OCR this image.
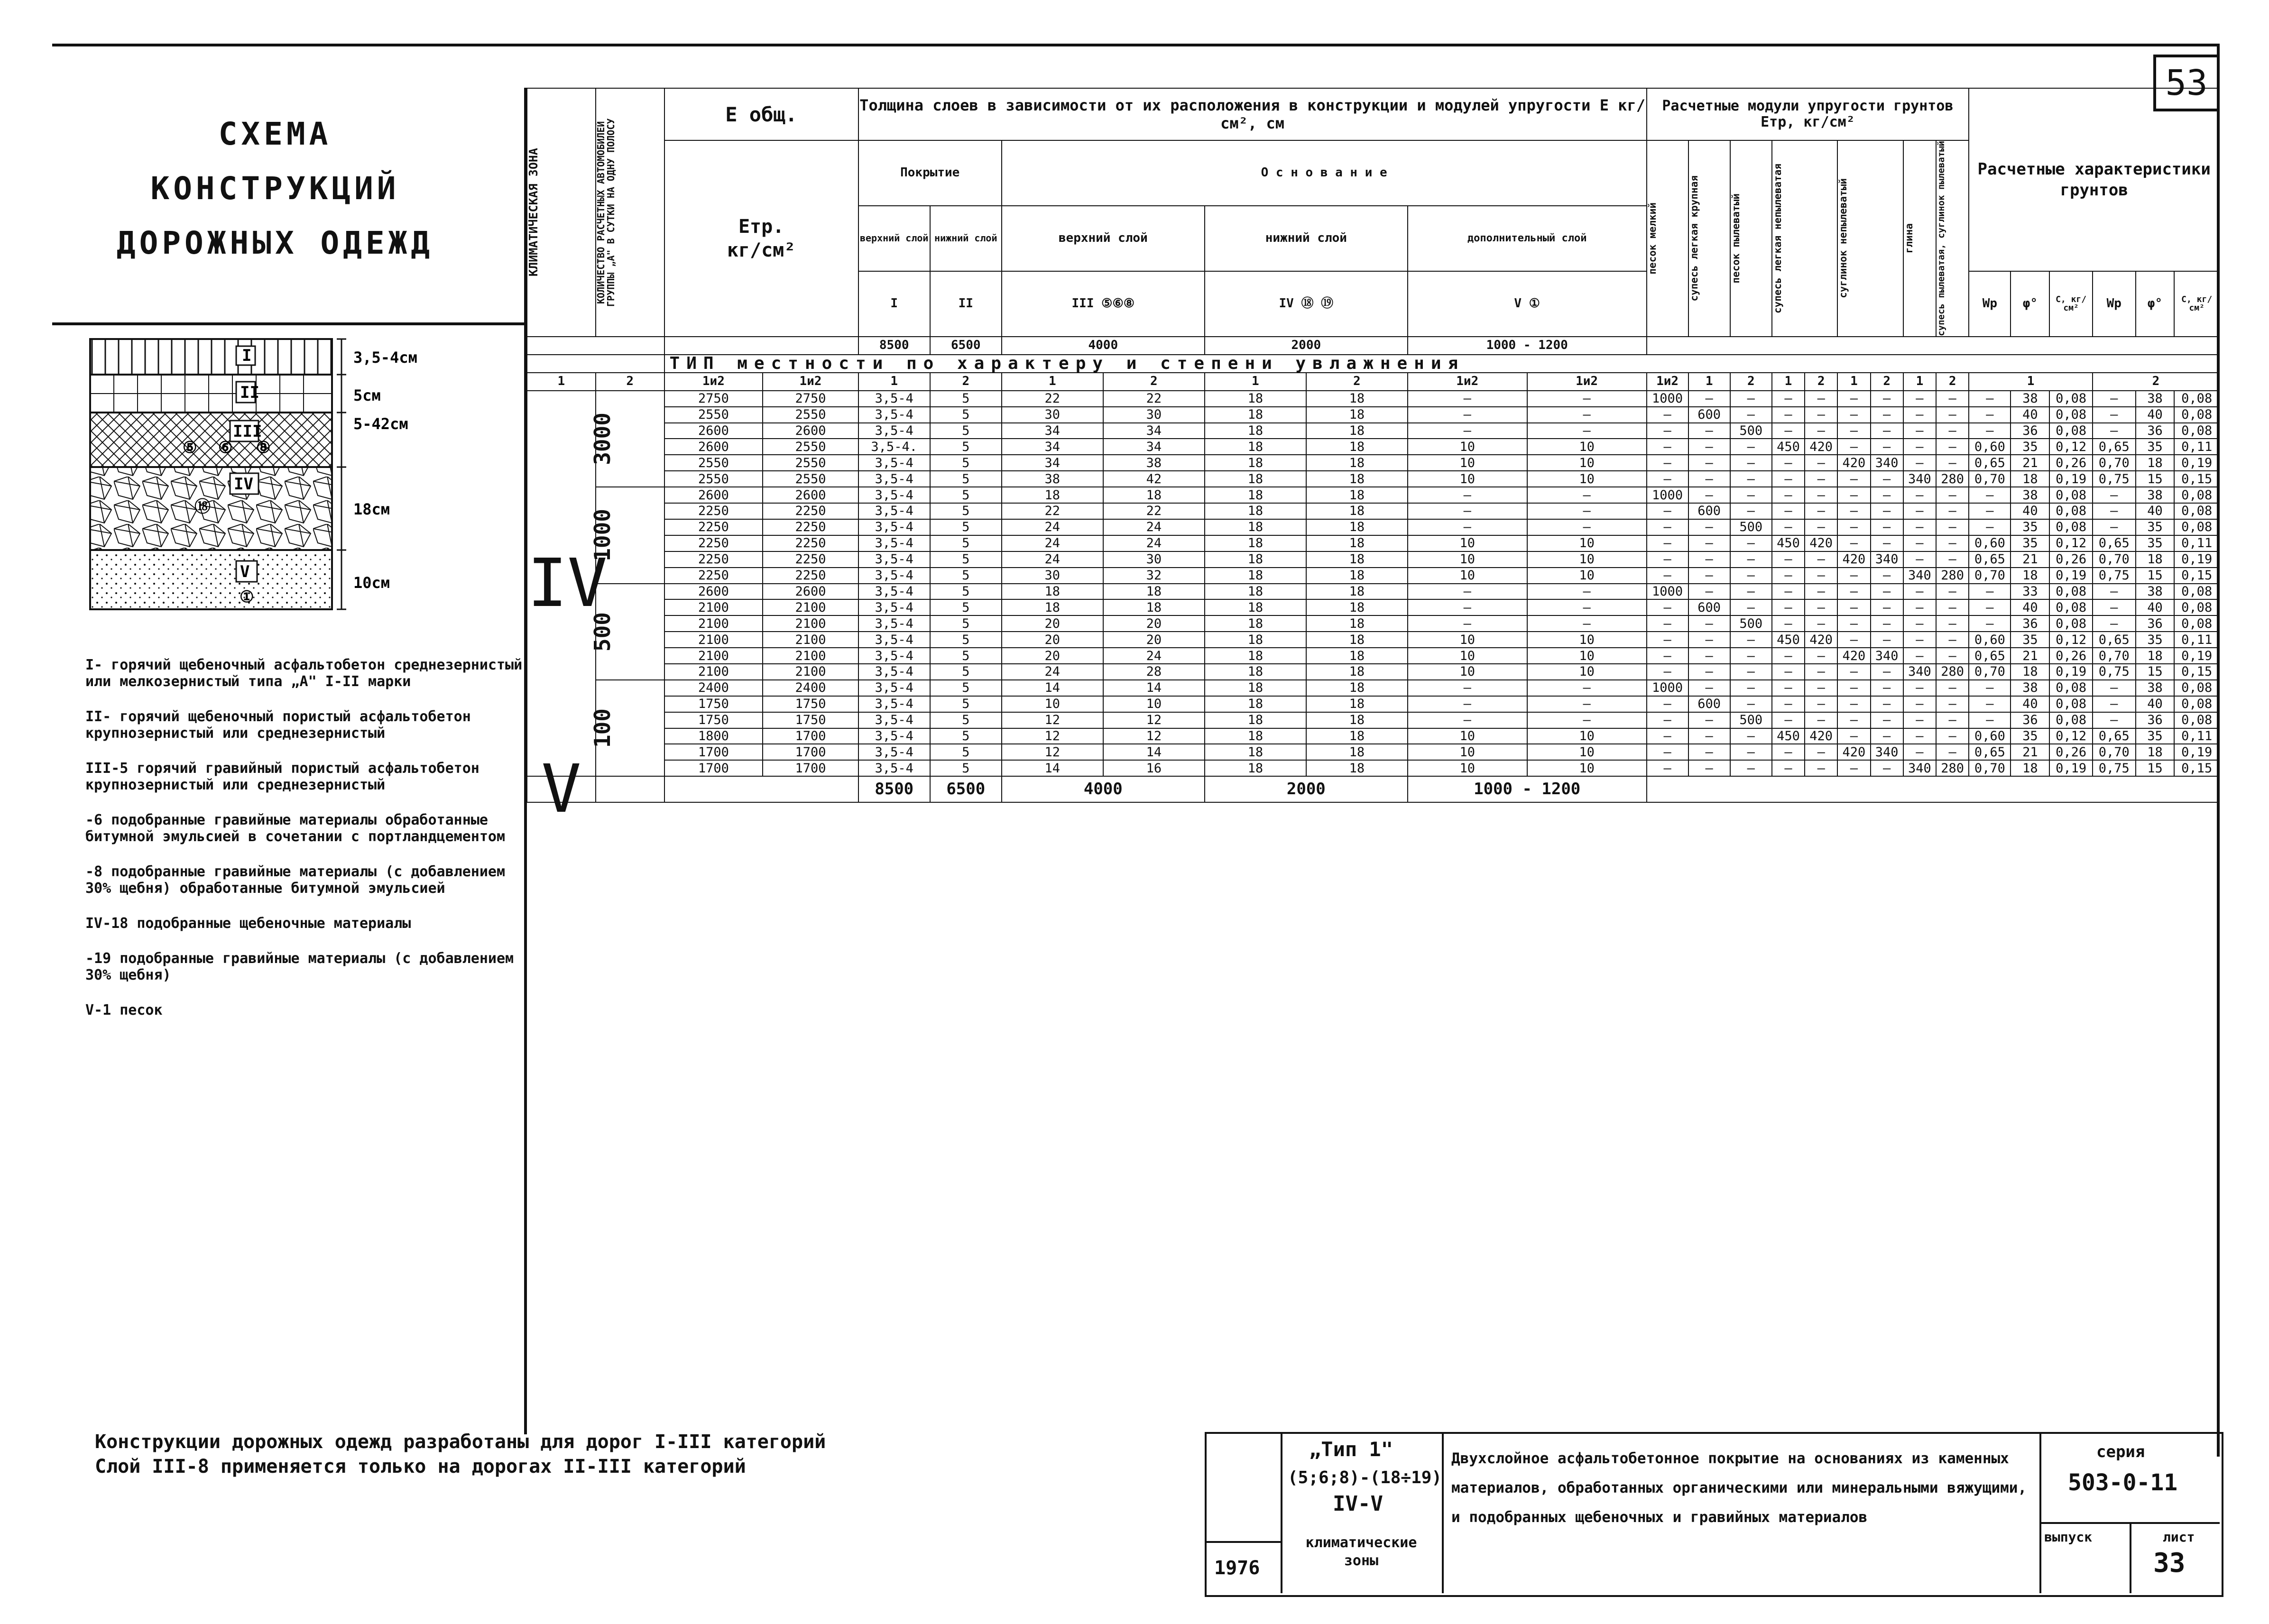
53
СХЕМА
КОНСТРУКЦИЙ
ДОРОЖНЫХ ОДЕЖД
I
II
III
IV
V
⑤ ⑥ ⑧
⑱
①
3,5-4см
5см
5-42см
18см
10см

I- горячий щебеночный асфальтобетон среднезернистый или мелкозернистый типа „А" I-II марки

II- горячий щебеночный пористый асфальтобетон крупнозернистый или среднезернистый

III-5 горячий гравийный пористый асфальтобетон крупнозернистый или среднезернистый

-6 подобранные гравийные материалы обработанные битумной эмульсией в сочетании с портландцементом

-8 подобранные гравийные материалы (с добавлением 30% щебня) обработанные битумной эмульсией

IV-18 подобранные щебеночные материалы

-19 подобранные гравийные материалы (с добавлением 30% щебня)

V-1 песок

КЛИМАТИЧЕСКАЯ ЗОНА	КОЛИЧЕСТВО РАСЧЕТНЫХ АВТОМОБИЛЕЙ ГРУППЫ „А" В СУТКИ НА ОДНУ ПОЛОСУ	Е общ.		Толщина слоев в зависимости от их расположения в конструкции и модулей упругости Е кг/см², см								Расчетные модули упругости грунтов Етр, кг/см²									Расчетные характеристики грунтов					
		Етр.
кг/см²		Покрытие		О с н о в а н и е						песок мелкий	супесь легкая крупная	песок пылеватый	супесь легкая непылеватая		суглинок непылеватый		глина	супесь пылеватая, суглинок пылеватый						

				верхний слой	нижний слой	верхний слой		нижний слой		дополнительный слой																
				I	II	III ⑤⑥⑧		IV ⑱ ⑲		V ①											Wр	φ°	С, кг/см²	Wр	φ°	С, кг/см²
				8500	6500	4000		2000		1000 - 1200																
		ТИП местности по характеру и степени увлажнения																								
1	2	1и2	1и2	1	2	1	2	1	2	1и2	1и2	1и2	1	2	1	2	1	2	1	2	1			2		
IV	3000	2750	2750	3,5-4	5	22	22	18	18	—	—	1000	—	—	—	—	—	—	—	—	—	38	0,08	—	38	0,08
		2550	2550	3,5-4	5	30	30	18	18	—	—	—	600	—	—	—	—	—	—	—	—	40	0,08	—	40	0,08
		2600	2600	3,5-4	5	34	34	18	18	—	—	—	—	500	—	—	—	—	—	—	—	36	0,08	—	36	0,08
		2600	2550	3,5-4.	5	34	34	18	18	10	10	—	—	—	450	420	—	—	—	—	0,60	35	0,12	0,65	35	0,11
		2550	2550	3,5-4	5	34	38	18	18	10	10	—	—	—	—	—	420	340	—	—	0,65	21	0,26	0,70	18	0,19
		2550	2550	3,5-4	5	38	42	18	18	10	10	—	—	—	—	—	—	—	340	280	0,70	18	0,19	0,75	15	0,15

	1000	2600	2600	3,5-4	5	18	18	18	18	—	—	1000	—	—	—	—	—	—	—	—	—	38	0,08	—	38	0,08
		2250	2250	3,5-4	5	22	22	18	18	—	—	—	600	—	—	—	—	—	—	—	—	40	0,08	—	40	0,08
		2250	2250	3,5-4	5	24	24	18	18	—	—	—	—	500	—	—	—	—	—	—	—	35	0,08	—	35	0,08
		2250	2250	3,5-4	5	24	24	18	18	10	10	—	—	—	450	420	—	—	—	—	0,60	35	0,12	0,65	35	0,11
		2250	2250	3,5-4	5	24	30	18	18	10	10	—	—	—	—	—	420	340	—	—	0,65	21	0,26	0,70	18	0,19
		2250	2250	3,5-4	5	30	32	18	18	10	10	—	—	—	—	—	—	—	340	280	0,70	18	0,19	0,75	15	0,15

	500	2600	2600	3,5-4	5	18	18	18	18	—	—	1000	—	—	—	—	—	—	—	—	—	33	0,08	—	38	0,08
		2100	2100	3,5-4	5	18	18	18	18	—	—	—	600	—	—	—	—	—	—	—	—	40	0,08	—	40	0,08
		2100	2100	3,5-4	5	20	20	18	18	—	—	—	—	500	—	—	—	—	—	—	—	36	0,08	—	36	0,08
		2100	2100	3,5-4	5	20	20	18	18	10	10	—	—	—	450	420	—	—	—	—	0,60	35	0,12	0,65	35	0,11
		2100	2100	3,5-4	5	20	24	18	18	10	10	—	—	—	—	—	420	340	—	—	0,65	21	0,26	0,70	18	0,19
		2100	2100	3,5-4	5	24	28	18	18	10	10	—	—	—	—	—	—	—	340	280	0,70	18	0,19	0,75	15	0,15

	100	2400	2400	3,5-4	5	14	14	18	18	—	—	1000	—	—	—	—	—	—	—	—	—	38	0,08	—	38	0,08
		1750	1750	3,5-4	5	10	10	18	18	—	—	—	600	—	—	—	—	—	—	—	—	40	0,08	—	40	0,08
		1750	1750	3,5-4	5	12	12	18	18	—	—	—	—	500	—	—	—	—	—	—	—	36	0,08	—	36	0,08
		1800	1700	3,5-4	5	12	12	18	18	10	10	—	—	—	450	420	—	—	—	—	0,60	35	0,12	0,65	35	0,11
		1700	1700	3,5-4	5	12	14	18	18	10	10	—	—	—	—	—	420	340	—	—	0,65	21	0,26	0,70	18	0,19
		1700	1700	3,5-4	5	14	16	18	18	10	10	—	—	—	—	—	—	—	340	280	0,70	18	0,19	0,75	15	0,15
V				8500	6500	4000		2000		1000 - 1200																
Конструкции дорожных одежд разработаны для дорог I-III категорий
Слой III-8 применяется только на дорогах II-III категорий
1976
„Тип 1"
(5;6;8)-(18÷19)
IV-V
климатические зоны
Двухслойное асфальтобетонное покрытие на основаниях из каменных материалов, обработанных органическими или минеральными вяжущими, и подобранных щебеночных и гравийных материалов
серия
503-0-11
выпуск	лист
33
